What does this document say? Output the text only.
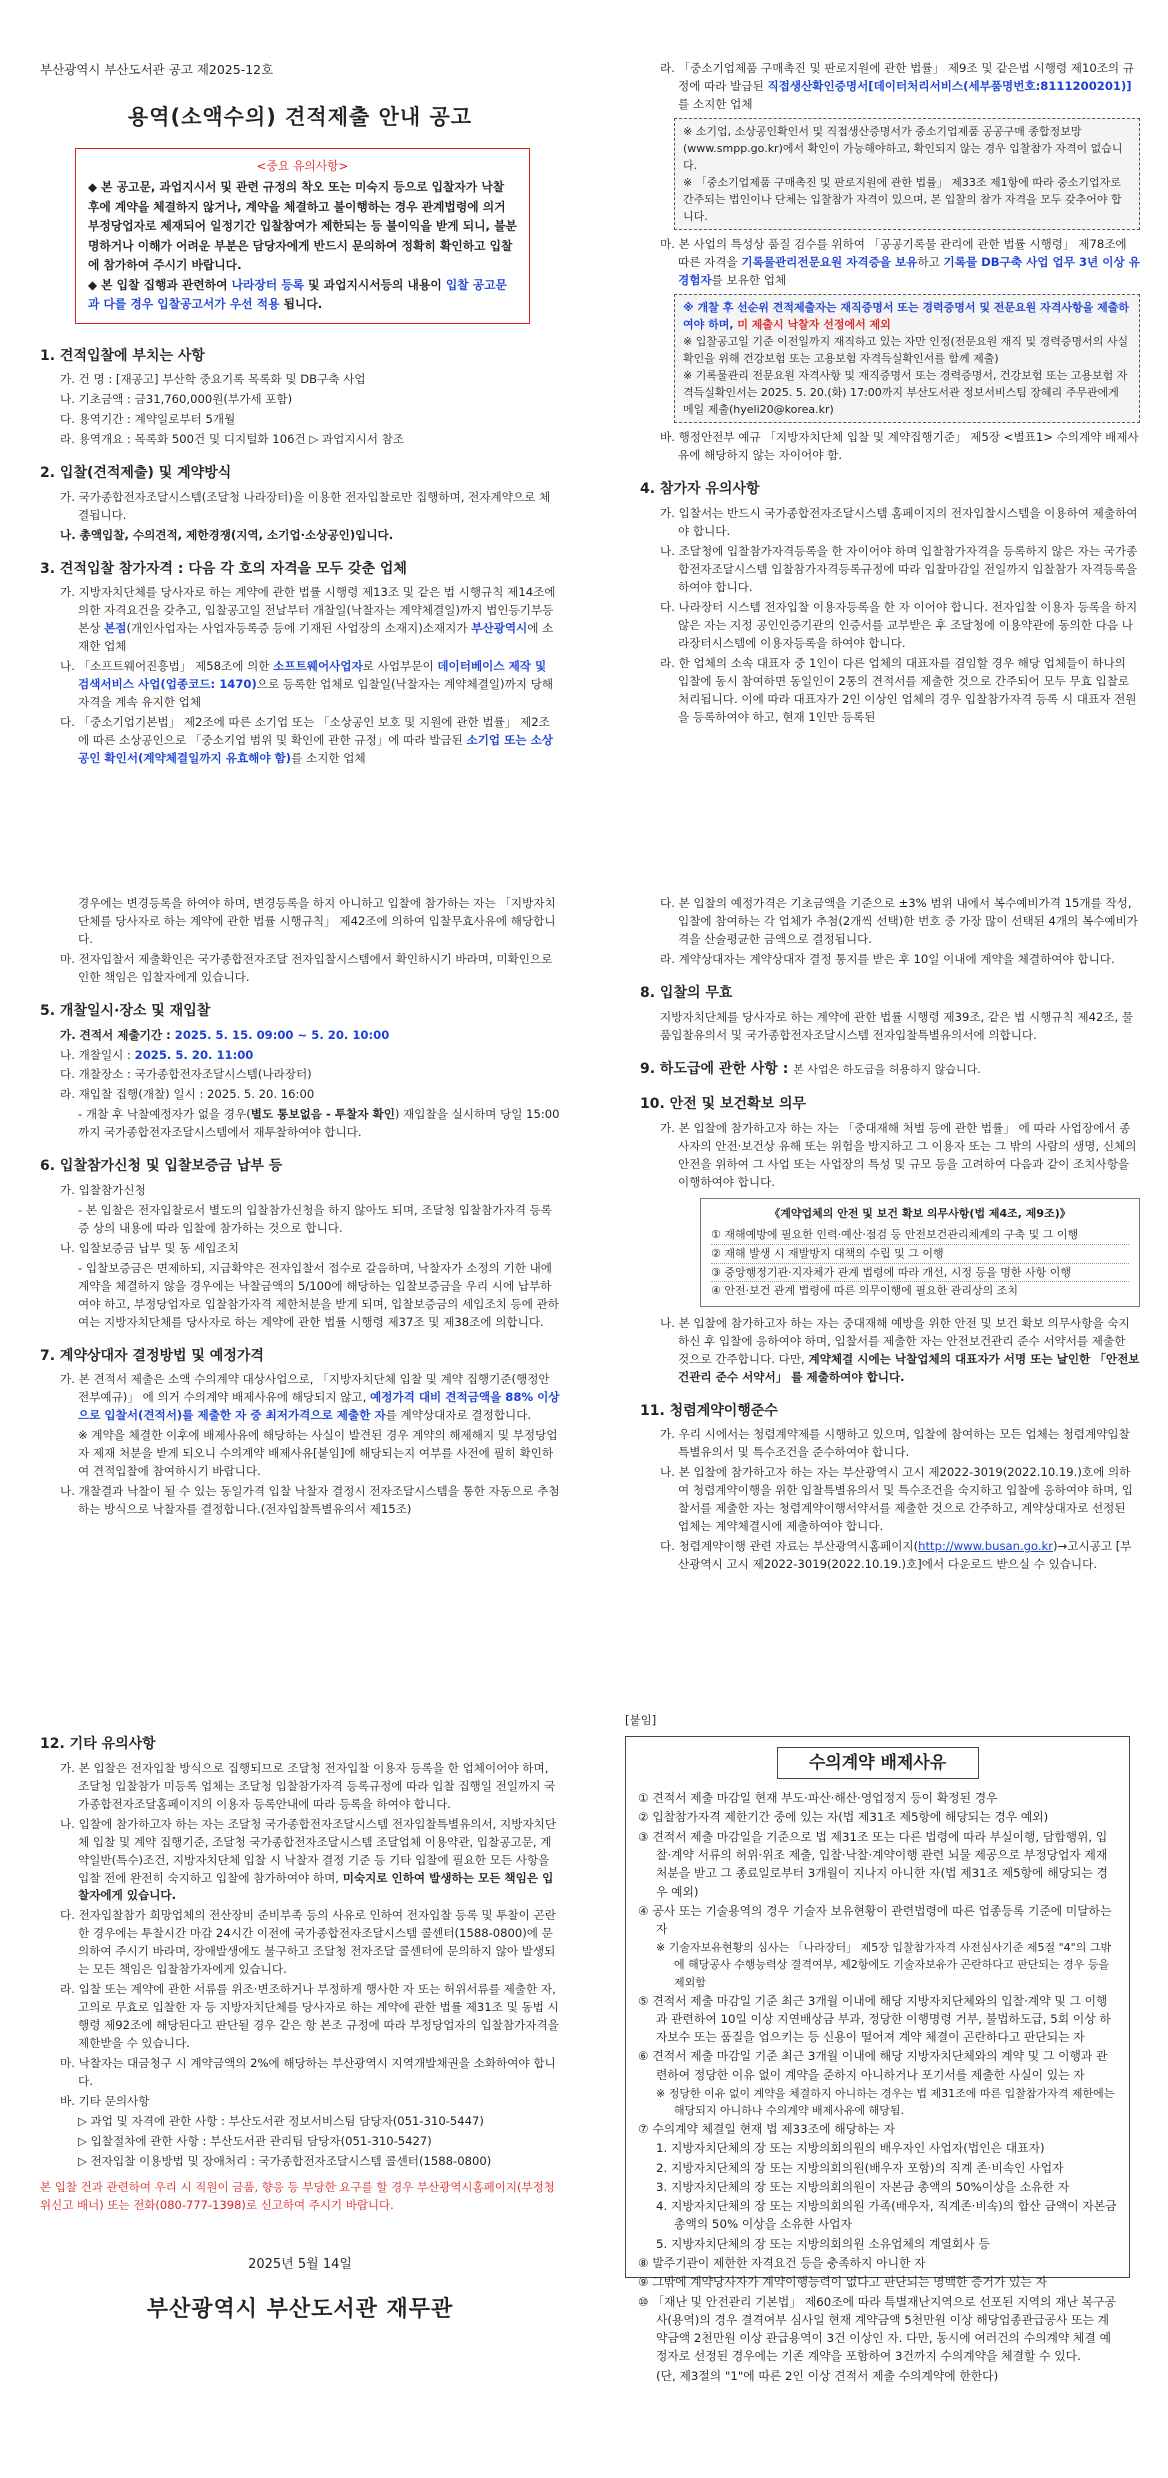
부산광역시 부산도서관 공고 제2025-12호
용역(소액수의) 견적제출 안내 공고
<중요 유의사항>
◆ 본 공고문, 과업지시서 및 관련 규정의 착오 또는 미숙지 등으로 입찰자가 낙찰 후에 계약을 체결하지 않거나, 계약을 체결하고 불이행하는 경우 관계법령에 의거 부정당업자로 제재되어 일정기간 입찰참여가 제한되는 등 불이익을 받게 되니, 불분명하거나 이해가 어려운 부분은 담당자에게 반드시 문의하여 정확히 확인하고 입찰에 참가하여 주시기 바랍니다.
◆ 본 입찰 집행과 관련하여 나라장터 등록 및 과업지시서등의 내용이 입찰 공고문과 다를 경우 입찰공고서가 우선 적용 됩니다.
1. 견적입찰에 부치는 사항
가. 건 명 : [재공고] 부산학 중요기록 목록화 및 DB구축 사업
나. 기초금액 : 금31,760,000원(부가세 포함)
다. 용역기간 : 계약일로부터 5개월
라. 용역개요 : 목록화 500건 및 디지털화 106건 ▷ 과업지시서 참조
2. 입찰(견적제출) 및 계약방식
가. 국가종합전자조달시스템(조달청 나라장터)을 이용한 전자입찰로만 집행하며, 전자계약으로 체결됩니다.
나. 총액입찰, 수의견적, 제한경쟁(지역, 소기업·소상공인)입니다.
3. 견적입찰 참가자격 : 다음 각 호의 자격을 모두 갖춘 업체
가. 지방자치단체를 당사자로 하는 계약에 관한 법률 시행령 제13조 및 같은 법 시행규칙 제14조에 의한 자격요건을 갖추고, 입찰공고일 전날부터 개찰일(낙찰자는 계약체결일)까지 법인등기부등본상 본점(개인사업자는 사업자등록증 등에 기재된 사업장의 소재지)소재지가 부산광역시에 소재한 업체
나. 「소프트웨어진흥법」 제58조에 의한 소프트웨어사업자로 사업부문이 데이터베이스 제작 및 검색서비스 사업(업종코드: 1470)으로 등록한 업체로 입찰일(낙찰자는 계약체결일)까지 당해 자격을 계속 유지한 업체
다. 「중소기업기본법」 제2조에 따른 소기업 또는 「소상공인 보호 및 지원에 관한 법률」 제2조에 따른 소상공인으로 「중소기업 범위 및 확인에 관한 규정」에 따라 발급된 소기업 또는 소상공인 확인서(계약체결일까지 유효해야 함)를 소지한 업체
라. 「중소기업제품 구매촉진 및 판로지원에 관한 법률」 제9조 및 같은법 시행령 제10조의 규정에 따라 발급된 직접생산확인증명서[데이터처리서비스(세부품명번호:8111200201)]를 소지한 업체
※ 소기업, 소상공인확인서 및 직접생산증명서가 중소기업제품 공공구매 종합정보망(www.smpp.go.kr)에서 확인이 가능해야하고, 확인되지 않는 경우 입찰참가 자격이 없습니다.
※ 「중소기업제품 구매촉진 및 판로지원에 관한 법률」 제33조 제1항에 따라 중소기업자로 간주되는 법인이나 단체는 입찰참가 자격이 있으며, 본 입찰의 참가 자격을 모두 갖추어야 합니다.
마. 본 사업의 특성상 품질 검수를 위하여 「공공기록물 관리에 관한 법률 시행령」 제78조에 따른 자격을 기록물관리전문요원 자격증을 보유하고 기록물 DB구축 사업 업무 3년 이상 유경험자를 보유한 업체
※ 개찰 후 선순위 견적제출자는 재직증명서 또는 경력증명서 및 전문요원 자격사항을 제출하여야 하며, 미 제출시 낙찰자 선정에서 제외
※ 입찰공고일 기준 이전일까지 재직하고 있는 자만 인정(전문요원 재직 및 경력증명서의 사실 확인을 위해 건강보험 또는 고용보험 자격득실확인서를 함께 제출)
※ 기록물관리 전문요원 자격사항 및 재직증명서 또는 경력증명서, 건강보험 또는 고용보험 자격득실확인서는 2025. 5. 20.(화) 17:00까지 부산도서관 정보서비스팀 장혜리 주무관에게 메일 제출(hyeli20@korea.kr)
바. 행정안전부 예규 「지방자치단체 입찰 및 계약집행기준」 제5장 <별표1> 수의계약 배제사유에 해당하지 않는 자이어야 함.
4. 참가자 유의사항
가. 입찰서는 반드시 국가종합전자조달시스템 홈페이지의 전자입찰시스템을 이용하여 제출하여야 합니다.
나. 조달청에 입찰참가자격등록을 한 자이어야 하며 입찰참가자격을 등록하지 않은 자는 국가종합전자조달시스템 입찰참가자격등록규정에 따라 입찰마감일 전일까지 입찰참가 자격등록을 하여야 합니다.
다. 나라장터 시스템 전자입찰 이용자등록을 한 자 이어야 합니다. 전자입찰 이용자 등록을 하지 않은 자는 지정 공인인증기관의 인증서를 교부받은 후 조달청에 이용약관에 동의한 다음 나라장터시스템에 이용자등록을 하여야 합니다.
라. 한 업체의 소속 대표자 중 1인이 다른 업체의 대표자를 겸임할 경우 해당 업체들이 하나의 입찰에 동시 참여하면 동일인이 2통의 견적서를 제출한 것으로 간주되어 모두 무효 입찰로 처리됩니다. 이에 따라 대표자가 2인 이상인 업체의 경우 입찰참가자격 등록 시 대표자 전원을 등록하여야 하고, 현재 1인만 등록된
경우에는 변경등록을 하여야 하며, 변경등록을 하지 아니하고 입찰에 참가하는 자는 「지방자치단체를 당사자로 하는 계약에 관한 법률 시행규칙」 제42조에 의하여 입찰무효사유에 해당합니다.
마. 전자입찰서 제출확인은 국가종합전자조달 전자입찰시스템에서 확인하시기 바라며, 미확인으로 인한 책임은 입찰자에게 있습니다.
5. 개찰일시·장소 및 재입찰
가. 견적서 제출기간 : 2025. 5. 15. 09:00 ~ 5. 20. 10:00
나. 개찰일시 : 2025. 5. 20. 11:00
다. 개찰장소 : 국가종합전자조달시스템(나라장터)
라. 재입찰 집행(개찰) 일시 : 2025. 5. 20. 16:00
- 개찰 후 낙찰예정자가 없을 경우(별도 통보없음 - 투찰자 확인) 재입찰을 실시하며 당일 15:00까지 국가종합전자조달시스템에서 재투찰하여야 합니다.
6. 입찰참가신청 및 입찰보증금 납부 등
가. 입찰참가신청
- 본 입찰은 전자입찰로서 별도의 입찰참가신청을 하지 않아도 되며, 조달청 입찰참가자격 등록증 상의 내용에 따라 입찰에 참가하는 것으로 합니다.
나. 입찰보증금 납부 및 동 세입조치
- 입찰보증금은 면제하되, 지급확약은 전자입찰서 접수로 갈음하며, 낙찰자가 소정의 기한 내에 계약을 체결하지 않을 경우에는 낙찰금액의 5/100에 해당하는 입찰보증금을 우리 시에 납부하여야 하고, 부정당업자로 입찰참가자격 제한처분을 받게 되며, 입찰보증금의 세입조치 등에 관하여는 지방자치단체를 당사자로 하는 계약에 관한 법률 시행령 제37조 및 제38조에 의합니다.
7. 계약상대자 결정방법 및 예정가격
가. 본 견적서 제출은 소액 수의계약 대상사업으로, 「지방자치단체 입찰 및 계약 집행기준(행정안전부예규)」 에 의거 수의계약 배제사유에 해당되지 않고, 예정가격 대비 견적금액을 88% 이상으로 입찰서(견적서)를 제출한 자 중 최저가격으로 제출한 자를 계약상대자로 결정합니다.
※ 계약을 체결한 이후에 배제사유에 해당하는 사실이 발견된 경우 계약의 해제해지 및 부정당업자 제재 처분을 받게 되오니 수의계약 배제사유[붙임]에 해당되는지 여부를 사전에 필히 확인하여 견적입찰에 참여하시기 바랍니다.
나. 개찰결과 낙찰이 될 수 있는 동일가격 입찰 낙찰자 결정시 전자조달시스템을 통한 자동으로 추첨하는 방식으로 낙찰자를 결정합니다.(전자입찰특별유의서 제15조)
다. 본 입찰의 예정가격은 기초금액을 기준으로 ±3% 범위 내에서 복수예비가격 15개를 작성, 입찰에 참여하는 각 업체가 추첨(2개씩 선택)한 번호 중 가장 많이 선택된 4개의 복수예비가격을 산술평균한 금액으로 결정됩니다.
라. 계약상대자는 계약상대자 결정 통지를 받은 후 10일 이내에 계약을 체결하여야 합니다.
8. 입찰의 무효
지방자치단체를 당사자로 하는 계약에 관한 법률 시행령 제39조, 같은 법 시행규칙 제42조, 물품입찰유의서 및 국가종합전자조달시스템 전자입찰특별유의서에 의합니다.
9. 하도급에 관한 사항 : 본 사업은 하도급을 허용하지 않습니다.
10. 안전 및 보건확보 의무
가. 본 입찰에 참가하고자 하는 자는 「중대재해 처벌 등에 관한 법률」 에 따라 사업장에서 종사자의 안전·보건상 유해 또는 위험을 방지하고 그 이용자 또는 그 밖의 사람의 생명, 신체의 안전을 위하여 그 사업 또는 사업장의 특성 및 규모 등을 고려하여 다음과 같이 조치사항을 이행하여야 합니다.
《계약업체의 안전 및 보건 확보 의무사항(법 제4조, 제9조)》
① 재해예방에 필요한 인력·예산·점검 등 안전보건관리체계의 구축 및 그 이행
② 재해 발생 시 재발방지 대책의 수립 및 그 이행
③ 중앙행정기관·지자체가 관계 법령에 따라 개선, 시정 등을 명한 사항 이행
④ 안전·보건 관계 법령에 따른 의무이행에 필요한 관리상의 조치
나. 본 입찰에 참가하고자 하는 자는 중대재해 예방을 위한 안전 및 보건 확보 의무사항을 숙지하신 후 입찰에 응하여야 하며, 입찰서를 제출한 자는 안전보건관리 준수 서약서를 제출한 것으로 간주합니다. 다만, 계약체결 시에는 낙찰업체의 대표자가 서명 또는 날인한 「안전보건관리 준수 서약서」 를 제출하여야 합니다.
11. 청렴계약이행준수
가. 우리 시에서는 청렴계약제를 시행하고 있으며, 입찰에 참여하는 모든 업체는 청렴계약입찰특별유의서 및 특수조건을 준수하여야 합니다.
나. 본 입찰에 참가하고자 하는 자는 부산광역시 고시 제2022-3019(2022.10.19.)호에 의하여 청렴계약이행을 위한 입찰특별유의서 및 특수조건을 숙지하고 입찰에 응하여야 하며, 입찰서를 제출한 자는 청렴계약이행서약서를 제출한 것으로 간주하고, 계약상대자로 선정된 업체는 계약체결시에 제출하여야 합니다.
다. 청렴계약이행 관련 자료는 부산광역시홈페이지(http://www.busan.go.kr)→고시공고 [부산광역시 고시 제2022-3019(2022.10.19.)호]에서 다운로드 받으실 수 있습니다.
12. 기타 유의사항
가. 본 입찰은 전자입찰 방식으로 집행되므로 조달청 전자입찰 이용자 등록을 한 업체이어야 하며, 조달청 입찰참가 미등록 업체는 조달청 입찰참가자격 등록규정에 따라 입찰 집행일 전일까지 국가종합전자조달홈페이지의 이용자 등록안내에 따라 등록을 하여야 합니다.
나. 입찰에 참가하고자 하는 자는 조달청 국가종합전자조달시스템 전자입찰특별유의서, 지방자치단체 입찰 및 계약 집행기준, 조달청 국가종합전자조달시스템 조달업체 이용약관, 입찰공고문, 계약일반(특수)조건, 지방자치단체 입찰 시 낙찰자 결정 기준 등 기타 입찰에 필요한 모든 사항을 입찰 전에 완전히 숙지하고 입찰에 참가하여야 하며, 미숙지로 인하여 발생하는 모든 책임은 입찰자에게 있습니다.
다. 전자입찰참가 희망업체의 전산장비 준비부족 등의 사유로 인하여 전자입찰 등록 및 투찰이 곤란한 경우에는 투찰시간 마감 24시간 이전에 국가종합전자조달시스템 콜센터(1588-0800)에 문의하여 주시기 바라며, 장애발생에도 불구하고 조달청 전자조달 콜센터에 문의하지 않아 발생되는 모든 책임은 입찰참가자에게 있습니다.
라. 입찰 또는 계약에 관한 서류를 위조·변조하거나 부정하게 행사한 자 또는 허위서류를 제출한 자, 고의로 무효로 입찰한 자 등 지방자치단체를 당사자로 하는 계약에 관한 법률 제31조 및 동법 시행령 제92조에 해당된다고 판단될 경우 같은 항 본조 규정에 따라 부정당업자의 입찰참가자격을 제한받을 수 있습니다.
마. 낙찰자는 대금청구 시 계약금액의 2%에 해당하는 부산광역시 지역개발채권을 소화하여야 합니다.
바. 기타 문의사항
▷ 과업 및 자격에 관한 사항 : 부산도서관 정보서비스팀 담당자(051-310-5447)
▷ 입찰절차에 관한 사항 : 부산도서관 관리팀 담당자(051-310-5427)
▷ 전자입찰 이용방법 및 장애처리 : 국가종합전자조달시스템 콜센터(1588-0800)
본 입찰 건과 관련하여 우리 시 직원이 금품, 향응 등 부당한 요구를 할 경우 부산광역시홈페이지(부정청위신고 배너) 또는 전화(080-777-1398)로 신고하여 주시기 바랍니다.
2025년 5월 14일
부산광역시 부산도서관 재무관
[붙임]
수의계약 배제사유
① 견적서 제출 마감일 현재 부도·파산·해산·영업정지 등이 확정된 경우
② 입찰참가자격 제한기간 중에 있는 자(법 제31조 제5항에 해당되는 경우 예외)
③ 견적서 제출 마감일을 기준으로 법 제31조 또는 다른 법령에 따라 부실이행, 담합행위, 입찰·계약 서류의 허위·위조 제출, 입찰·낙찰·계약이행 관련 뇌물 제공으로 부정당업자 제재 처분을 받고 그 종료일로부터 3개월이 지나지 아니한 자(법 제31조 제5항에 해당되는 경우 예외)
④ 공사 또는 기술용역의 경우 기술자 보유현황이 관련법령에 따른 업종등록 기준에 미달하는 자
※ 기술자보유현황의 심사는 「나라장터」 제5장 입찰참가자격 사전심사기준 제5절 "4"의 그밖에 해당공사 수행능력상 결격여부, 제2항에도 기술자보유가 곤란하다고 판단되는 경우 등을 제외함
⑤ 견적서 제출 마감일 기준 최근 3개월 이내에 해당 지방자치단체와의 입찰·계약 및 그 이행과 관련하여 10일 이상 지연배상금 부과, 정당한 이행명령 거부, 불법하도급, 5회 이상 하자보수 또는 품질을 업으키는 등 신용이 떨어져 계약 체결이 곤란하다고 판단되는 자
⑥ 견적서 제출 마감일 기준 최근 3개월 이내에 해당 지방자치단체와의 계약 및 그 이행과 관련하여 정당한 이유 없이 계약을 준하지 아니하거나 포기서를 제출한 사실이 있는 자
※ 정당한 이유 없이 계약을 체결하지 아니하는 경우는 법 제31조에 따른 입찰참가자격 제한에는 해당되지 아니하나 수의계약 배제사유에 해당됨.
⑦ 수의계약 체결일 현재 법 제33조에 해당하는 자
1. 지방자치단체의 장 또는 지방의회의원의 배우자인 사업자(법인은 대표자)
2. 지방자치단체의 장 또는 지방의회의원(배우자 포함)의 직계 존·비속인 사업자
3. 지방자치단체의 장 또는 지방의회의원이 자본금 총액의 50%이상을 소유한 자
4. 지방자치단체의 장 또는 지방의회의원 가족(배우자, 직계존·비속)의 합산 금액이 자본금 총액의 50% 이상을 소유한 사업자
5. 지방자치단체의 장 또는 지방의회의원 소유업체의 계열회사 등
⑧ 발주기관이 제한한 자격요건 등을 충족하지 아니한 자
⑨ 그밖에 계약당사자가 계약이행능력이 없다고 판단되는 명백한 증거가 있는 자
⑩ 「재난 및 안전관리 기본법」 제60조에 따라 특별재난지역으로 선포된 지역의 재난 복구공사(용역)의 경우 결격여부 심사일 현재 계약금액 5천만원 이상 해당업종관급공사 또는 계약금액 2천만원 이상 관급용역이 3건 이상인 자. 다만, 동시에 여러건의 수의계약 체결 예정자로 선정된 경우에는 기존 계약을 포함하여 3건까지 수의계약을 체결할 수 있다.
(단, 제3절의 "1"에 따른 2인 이상 견적서 제출 수의계약에 한한다)
